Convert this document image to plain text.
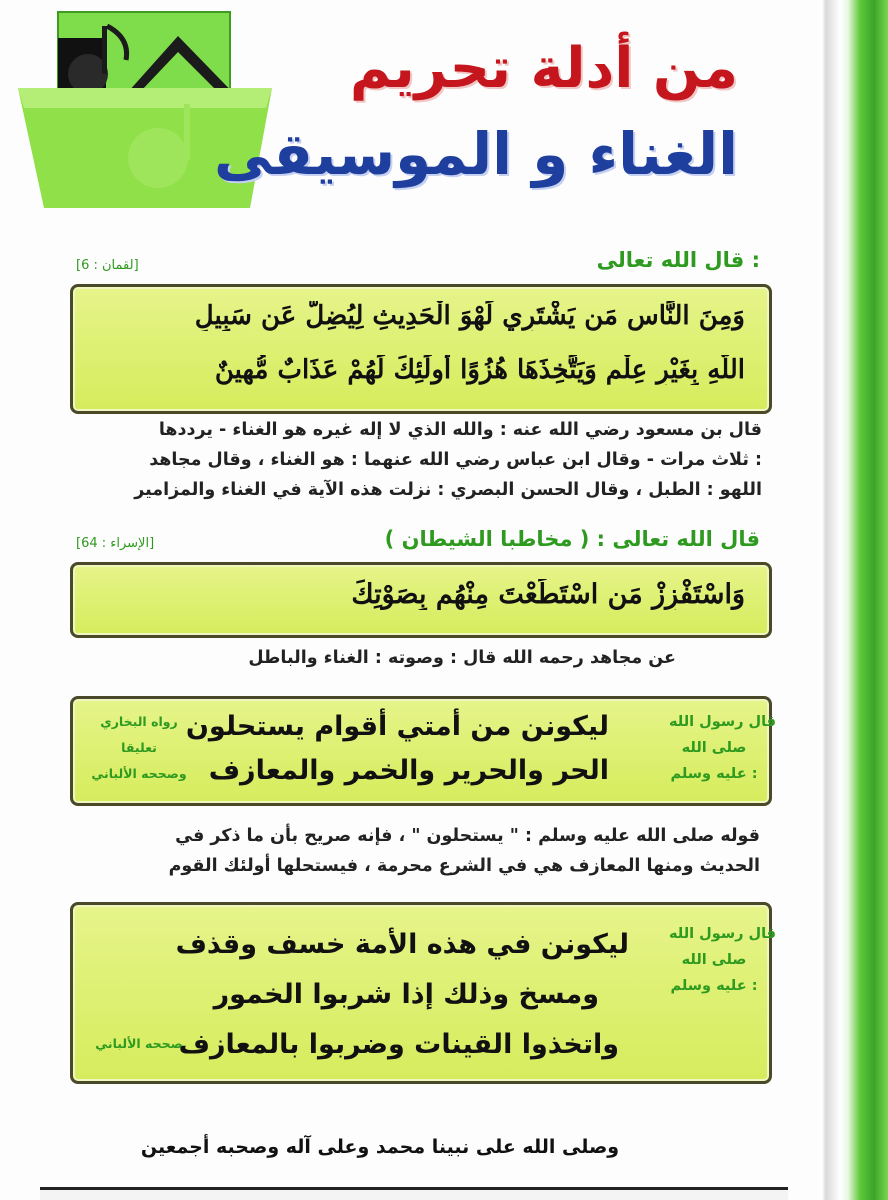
من أدلة تحريم
الغناء و الموسيقى
قال الله تعالى :
[لقمان : 6]
وَمِنَ النَّاسِ مَن يَشْتَرِي لَهْوَ الْحَدِيثِ لِيُضِلَّ عَن سَبِيلِ
اللَّهِ بِغَيْرِ عِلْمٍ وَيَتَّخِذَهَا هُزُوًا أُولَٰئِكَ لَهُمْ عَذَابٌ مُّهِينٌ
قال بن مسعود رضي الله عنه : والله الذي لا إله غيره هو الغناء - يرددها
ثلاث مرات - وقال ابن عباس رضي الله عنهما : هو الغناء ، وقال مجاهد :
اللهو : الطبل ، وقال الحسن البصري : نزلت هذه الآية في الغناء والمزامير
قال الله تعالى : ( مخاطبا الشيطان )
[الإسراء : 64]
وَاسْتَفْزِزْ مَنِ اسْتَطَعْتَ مِنْهُم بِصَوْتِكَ
عن مجاهد رحمه الله قال : وصوته : الغناء والباطل
قال رسول الله
صلى الله
عليه وسلم :
ليكونن من أمتي أقوام يستحلون
الحر والحرير والخمر والمعازف
رواه البخاري
تعليقا
وصححه الألباني
قوله صلى الله عليه وسلم : " يستحلون " ، فإنه صريح بأن ما ذكر في
الحديث ومنها المعازف هي في الشرع محرمة ، فيستحلها أولئك القوم
قال رسول الله
صلى الله
عليه وسلم :
ليكونن في هذه الأمة خسف وقذف
ومسخ وذلك إذا شربوا الخمور
واتخذوا القينات وضربوا بالمعازف
صححه الألباني
وصلى الله على نبينا محمد وعلى آله وصحبه أجمعين
